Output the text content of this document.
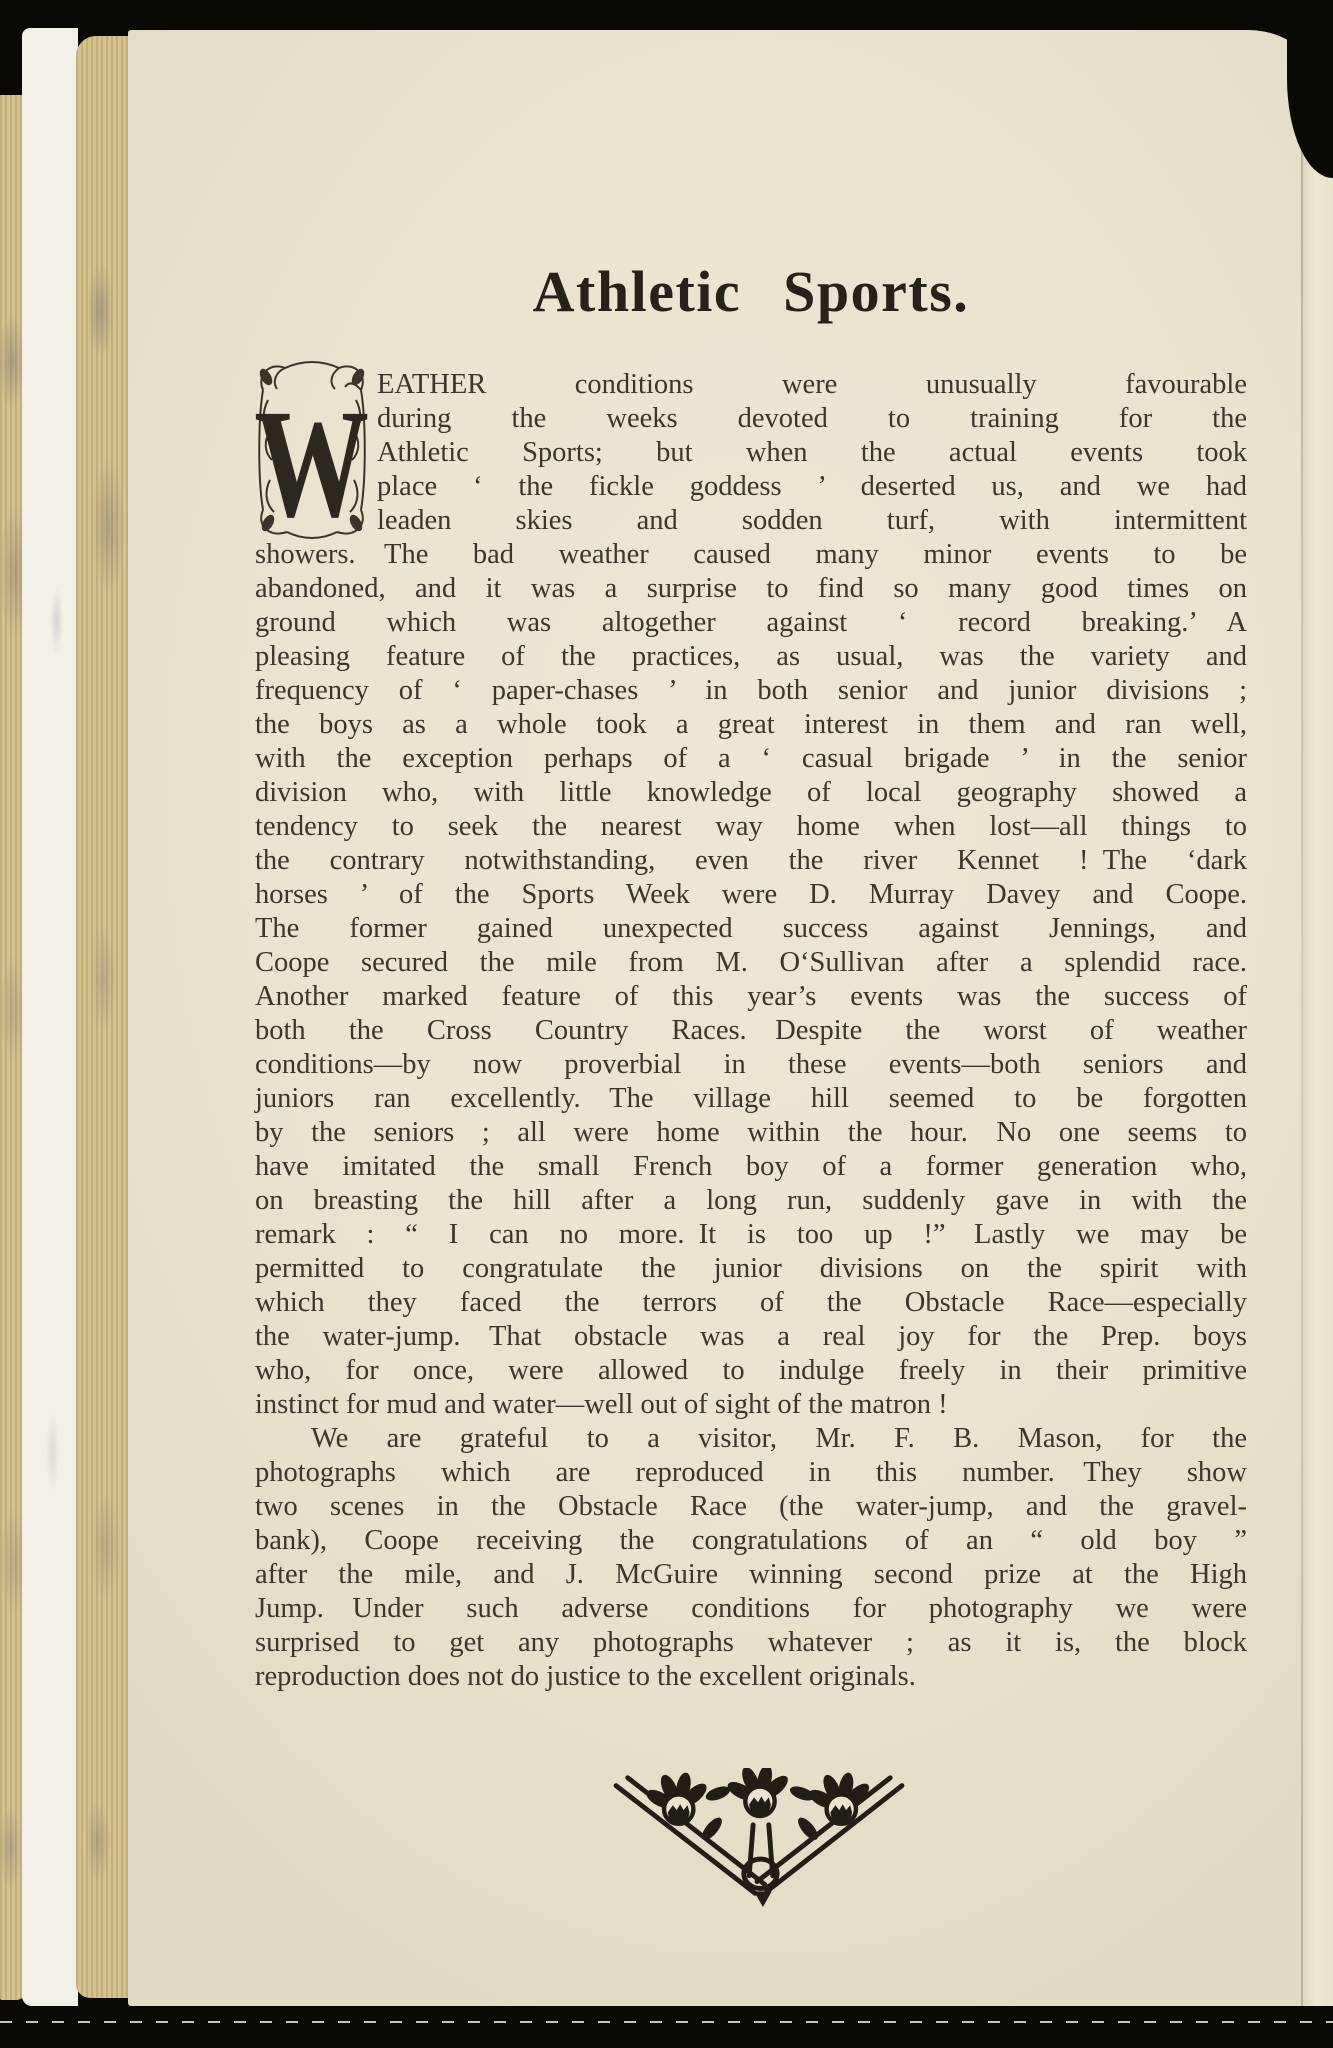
Athletic Sports.
W EATHER conditions were unusually favourable
during the weeks devoted to training for the
Athletic Sports; but when the actual events took
place ‘ the fickle goddess ’ deserted us, and we had
leaden skies and sodden turf, with intermittent
showers. The bad weather caused many minor events to be
abandoned, and it was a surprise to find so many good times on
ground which was altogether against ‘ record breaking.’ A
pleasing feature of the practices, as usual, was the variety and
frequency of ‘ paper-chases ’ in both senior and junior divisions ;
the boys as a whole took a great interest in them and ran well,
with the exception perhaps of a ‘ casual brigade ’ in the senior
division who, with little knowledge of local geography showed a
tendency to seek the nearest way home when lost—all things to
the contrary notwithstanding, even the river Kennet ! The ‘dark
horses ’ of the Sports Week were D. Murray Davey and Coope.
The former gained unexpected success against Jennings, and
Coope secured the mile from M. O‘Sullivan after a splendid race.
Another marked feature of this year’s events was the success of
both the Cross Country Races. Despite the worst of weather
conditions—by now proverbial in these events—both seniors and
juniors ran excellently. The village hill seemed to be forgotten
by the seniors ; all were home within the hour. No one seems to
have imitated the small French boy of a former generation who,
on breasting the hill after a long run, suddenly gave in with the
remark : “ I can no more. It is too up !” Lastly we may be
permitted to congratulate the junior divisions on the spirit with
which they faced the terrors of the Obstacle Race—especially
the water-jump. That obstacle was a real joy for the Prep. boys
who, for once, were allowed to indulge freely in their primitive
instinct for mud and water—well out of sight of the matron !
We are grateful to a visitor, Mr. F. B. Mason, for the
photographs which are reproduced in this number. They show
two scenes in the Obstacle Race (the water-jump, and the gravel-
bank), Coope receiving the congratulations of an “ old boy ”
after the mile, and J. McGuire winning second prize at the High
Jump. Under such adverse conditions for photography we were
surprised to get any photographs whatever ; as it is, the block
reproduction does not do justice to the excellent originals.
